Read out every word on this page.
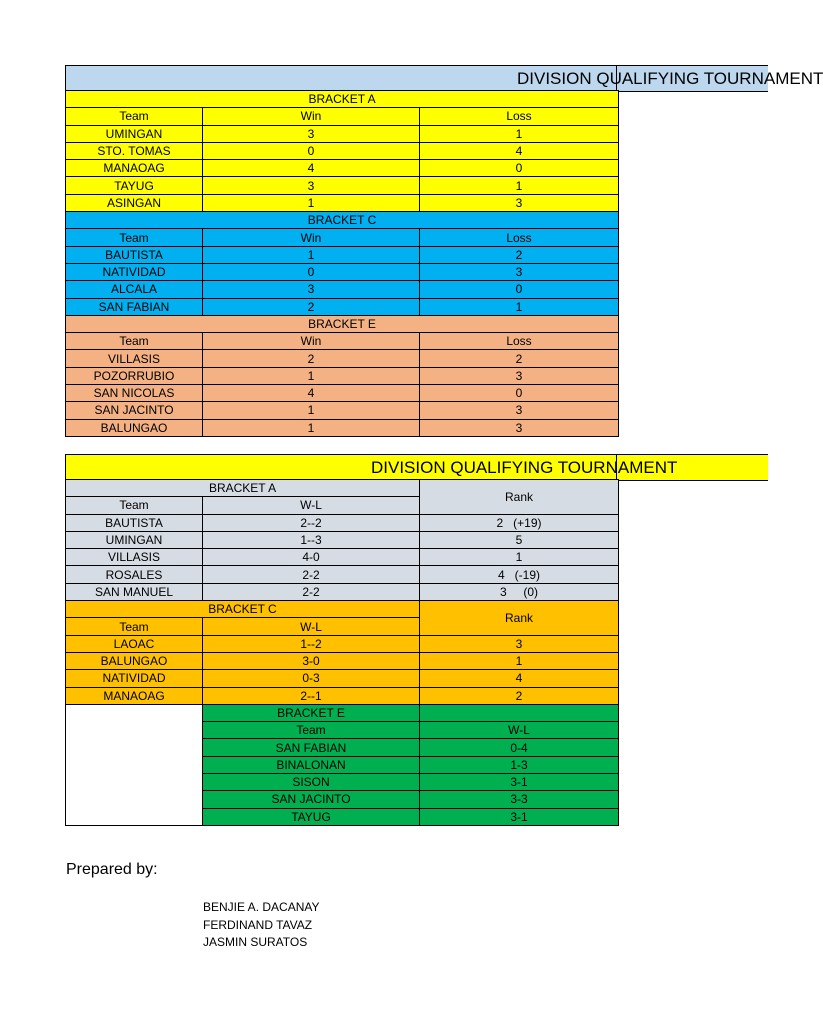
DIVISION QUALIFYING TOURNAMENT
BRACKET A		
Team	Win	Loss
UMINGAN	3	1
STO. TOMAS	0	4
MANAOAG	4	0
TAYUG	3	1
ASINGAN	1	3
BRACKET C		
Team	Win	Loss
BAUTISTA	1	2
NATIVIDAD	0	3
ALCALA	3	0
SAN FABIAN	2	1
BRACKET E		
Team	Win	Loss
VILLASIS	2	2
POZORRUBIO	1	3
SAN NICOLAS	4	0
SAN JACINTO	1	3
BALUNGAO	1	3
DIVISION QUALIFYING TOURNAMENT
BRACKET A		Rank
Team	W-L	
BAUTISTA	2--2	2   (+19)
UMINGAN	1--3	5
VILLASIS	4-0	1
ROSALES	2-2	4   (-19)
SAN MANUEL	2-2	3     (0)
BRACKET C		Rank
Team	W-L	
LAOAC	1--2	3
BALUNGAO	3-0	1
NATIVIDAD	0-3	4
MANAOAG	2--1	2
	BRACKET E	
	Team	W-L
	SAN FABIAN	0-4
	BINALONAN	1-3
	SISON	3-1
	SAN JACINTO	3-3
	TAYUG	3-1
Prepared by:
BENJIE A. DACANAY
FERDINAND TAVAZ
JASMIN SURATOS
